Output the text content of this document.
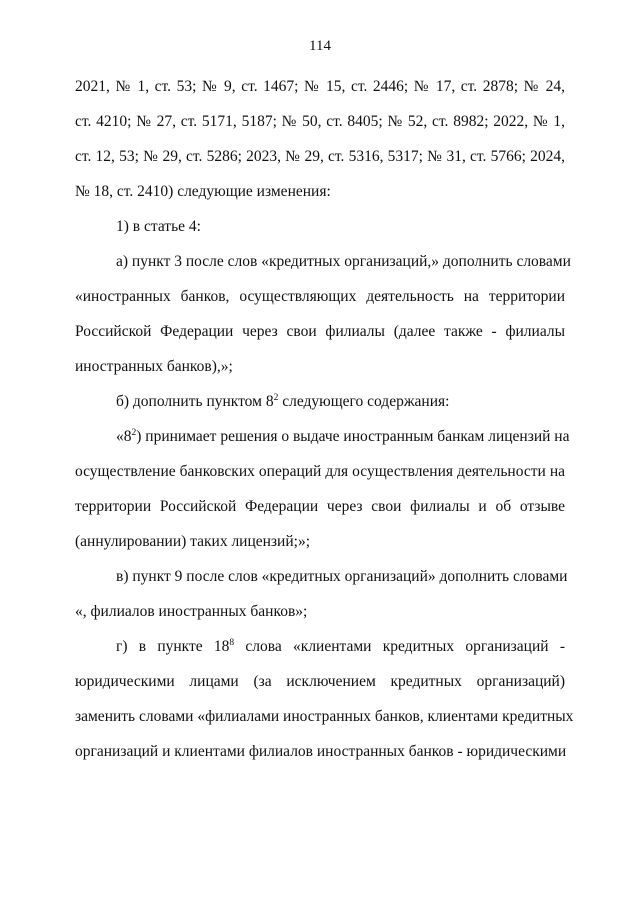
114
2021, № 1, ст. 53; № 9, ст. 1467; № 15, ст. 2446; № 17, ст. 2878; № 24,
ст. 4210; № 27, ст. 5171, 5187; № 50, ст. 8405; № 52, ст. 8982; 2022, № 1,
ст. 12, 53; № 29, ст. 5286; 2023, № 29, ст. 5316, 5317; № 31, ст. 5766; 2024,
№ 18, ст. 2410) следующие изменения:
1) в статье 4:
а) пункт 3 после слов «кредитных организаций,» дополнить словами
«иностранных банков, осуществляющих деятельность на территории
Российской Федерации через свои филиалы (далее также - филиалы
иностранных банков),»;
б) дополнить пунктом $8^2$ следующего содержания:
«$8^2$) принимает решения о выдаче иностранным банкам лицензий на
осуществление банковских операций для осуществления деятельности на
территории Российской Федерации через свои филиалы и об отзыве
(аннулировании) таких лицензий;»;
в) пункт 9 после слов «кредитных организаций» дополнить словами
«, филиалов иностранных банков»;
г) в пункте $18^8$ слова «клиентами кредитных организаций -
юридическими лицами (за исключением кредитных организаций)
заменить словами «филиалами иностранных банков, клиентами кредитных
организаций и клиентами филиалов иностранных банков - юридическими
